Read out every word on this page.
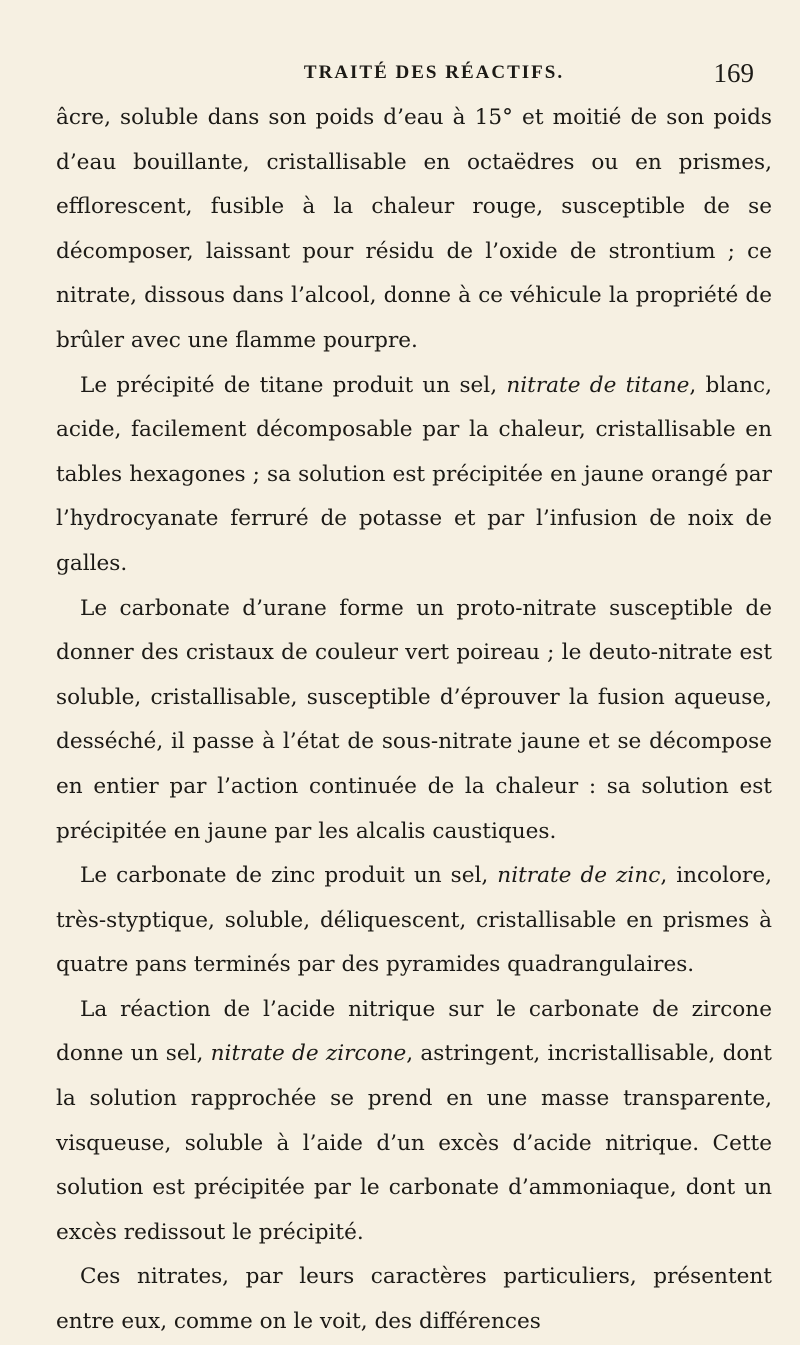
TRAITÉ DES RÉACTIFS.	169

âcre, soluble dans son poids d’eau à 15° et moitié de son poids d’eau bouillante, cristallisable en octaëdres ou en prismes, efflorescent, fusible à la chaleur rouge, susceptible de se décomposer, laissant pour résidu de l’oxide de strontium ; ce nitrate, dissous dans l’alcool, donne à ce véhicule la propriété de brûler avec une flamme pourpre.

Le précipité de titane produit un sel, nitrate de titane, blanc, acide, facilement décomposable par la chaleur, cristallisable en tables hexagones ; sa solution est précipitée en jaune orangé par l’hydrocyanate ferruré de potasse et par l’infusion de noix de galles.

Le carbonate d’urane forme un proto-nitrate susceptible de donner des cristaux de couleur vert poireau ; le deuto-nitrate est soluble, cristallisable, susceptible d’éprouver la fusion aqueuse, desséché, il passe à l’état de sous-nitrate jaune et se décompose en entier par l’action continuée de la chaleur : sa solution est précipitée en jaune par les alcalis caustiques.

Le carbonate de zinc produit un sel, nitrate de zinc, incolore, très-styptique, soluble, déliquescent, cristallisable en prismes à quatre pans terminés par des pyramides quadrangulaires.

La réaction de l’acide nitrique sur le carbonate de zircone donne un sel, nitrate de zircone, astringent, incristallisable, dont la solution rapprochée se prend en une masse transparente, visqueuse, soluble à l’aide d’un excès d’acide nitrique. Cette solution est précipitée par le carbonate d’ammoniaque, dont un excès redissout le précipité.

Ces nitrates, par leurs caractères particuliers, présentent entre eux, comme on le voit, des différences
